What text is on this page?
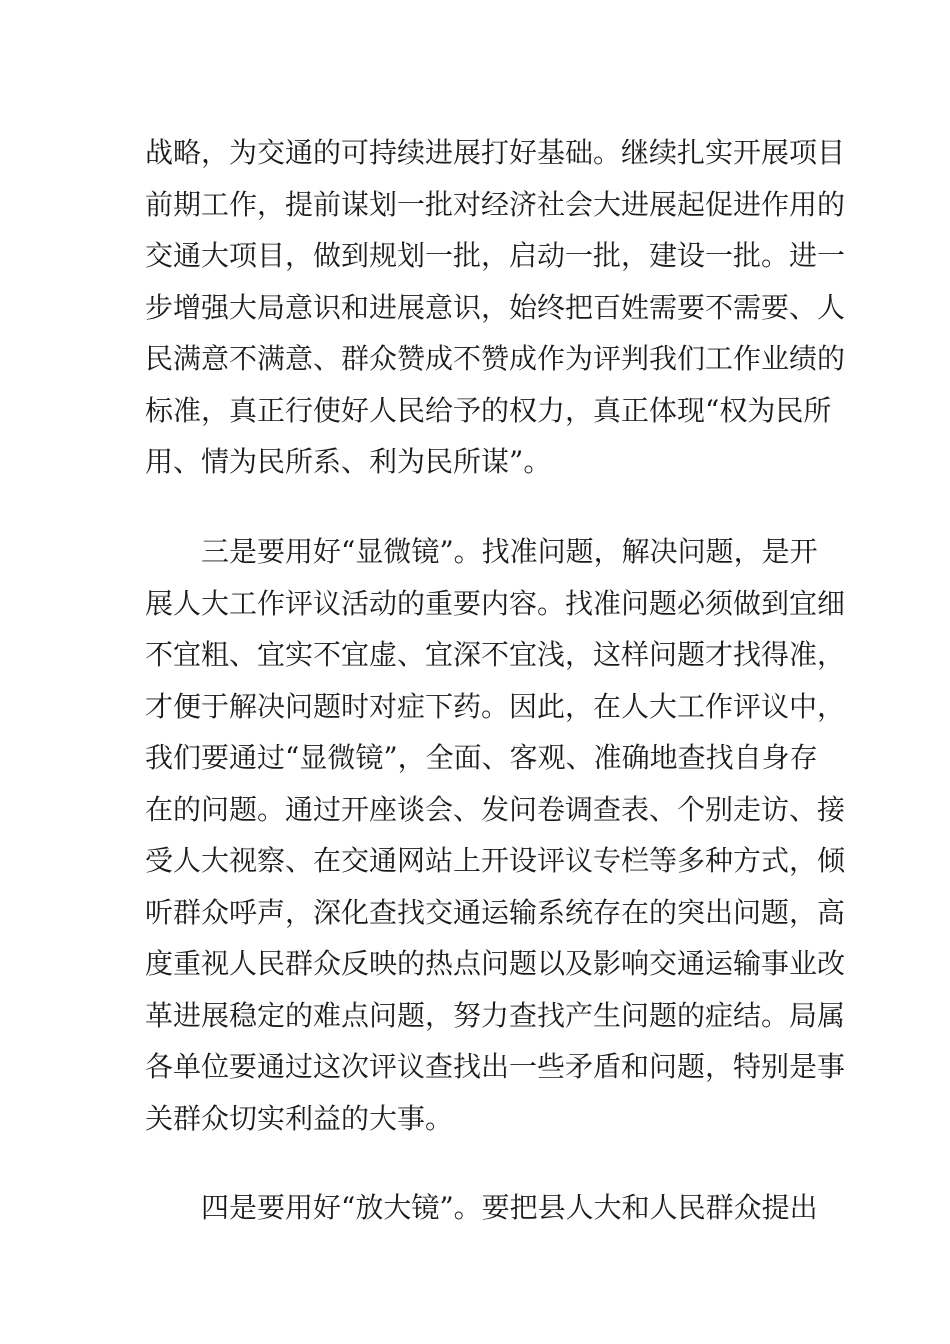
战略，为交通的可持续进展打好基础。继续扎实开展项目
前期工作，提前谋划一批对经济社会大进展起促进作用的
交通大项目，做到规划一批，启动一批，建设一批。进一
步增强大局意识和进展意识，始终把百姓需要不需要、人
民满意不满意、群众赞成不赞成作为评判我们工作业绩的
标准，真正行使好人民给予的权力，真正体现“权为民所
用、情为民所系、利为民所谋”。
三是要用好“显微镜”。找准问题，解决问题，是开
展人大工作评议活动的重要内容。找准问题必须做到宜细
不宜粗、宜实不宜虚、宜深不宜浅，这样问题才找得准，
才便于解决问题时对症下药。因此，在人大工作评议中，
我们要通过“显微镜”，全面、客观、准确地查找自身存
在的问题。通过开座谈会、发问卷调查表、个别走访、接
受人大视察、在交通网站上开设评议专栏等多种方式，倾
听群众呼声，深化查找交通运输系统存在的突出问题，高
度重视人民群众反映的热点问题以及影响交通运输事业改
革进展稳定的难点问题，努力查找产生问题的症结。局属
各单位要通过这次评议查找出一些矛盾和问题，特别是事
关群众切实利益的大事。
四是要用好“放大镜”。要把县人大和人民群众提出
